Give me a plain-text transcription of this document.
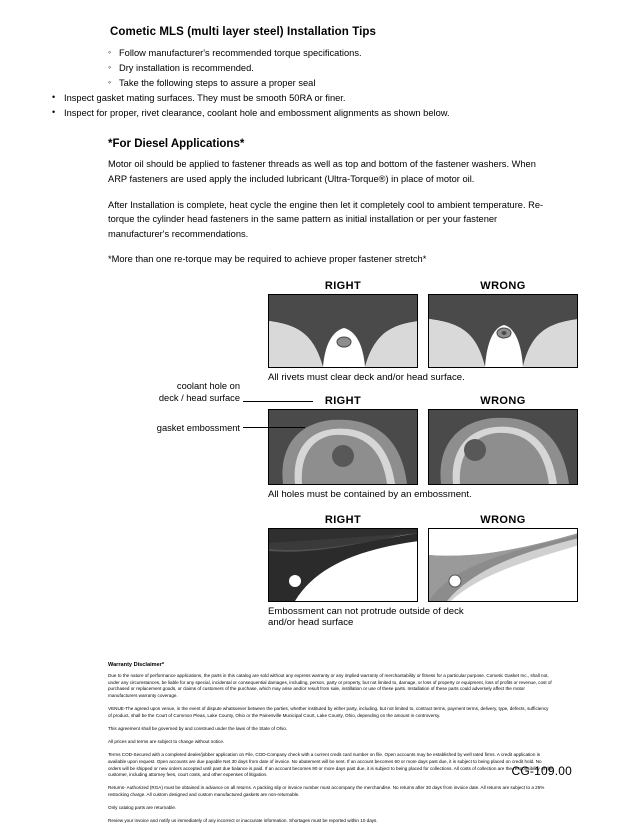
Cometic MLS (multi layer steel) Installation Tips
◦ Follow manufacturer's recommended torque specifications.
◦ Dry installation is recommended.
◦ Take the following steps to assure a proper seal
• Inspect gasket mating surfaces. They must be smooth 50RA or finer.
• Inspect for proper, rivet clearance, coolant hole and embossment alignments as shown below.
*For Diesel Applications*

Motor oil should be applied to fastener threads as well as top and bottom of the fastener washers. When ARP fasteners are used apply the included lubricant (Ultra-Torque®) in place of motor oil.

After Installation is complete, heat cycle the engine then let it completely cool to ambient temperature. Re-torque the cylinder head fasteners in the same pattern as initial installation or per your fastener manufacturer's recommendations.

*More than one re-torque may be required to achieve proper fastener stretch*

RIGHT	WRONG
All rivets must clear deck and/or head surface.
RIGHT	WRONG
All holes must be contained by an embossment.
coolant hole on
deck / head surface
gasket embossment
RIGHT	WRONG
Embossment can not protrude outside of deck
and/or head surface
Warranty Disclaimer*

Due to the nature of performance applications, the parts in this catalog are sold without any express warranty or any implied warranty of merchantability or fitness for a particular purpose. Cometic Gasket Inc., shall not, under any circumstances, be liable for any special, incidental or consequential damages, including, person, party or property, but not limited to, damage, or loss of property or equipment, loss of profits or revenue, cost of purchased or replacement goods, or claims of customers of the purchase, which may arise and/or result from sale, instillation or use of these parts. Installation of these parts could adversely affect the motor manufacturers warranty coverage.

VENUE-The agreed upon venue, in the event of dispute whatsoever between the parties, whether instituted by either party, including, but not limited to, contract terms, payment terms, delivery, type, defects, sufficiency of product, shall be the Court of Common Pleas, Lake County, Ohio or the Painesville Municipal Court, Lake County, Ohio, depending on the amount in controversy.

This agreement shall be governed by and construed under the laws of the State of Ohio.

All prices and terms are subject to change without notice.

Terms COD-Secured with a completed dealer/jobber application on File, COD-Company check with a current credit card number on file. Open accounts may be established by well rated firms. A credit application is available upon request. Open accounts are due payable Net 30 days from date of invoice. No abatement will be sent. If an account becomes 60 or more days past due, it is subject to being placed on credit hold. No orders will be shipped or new orders accepted until past due balance is paid. If an account becomes 90 or more days past due, it is subject to being placed for collections. All costs of collection are the responsibility of the customer, including attorney fees, court costs, and other expenses of litigation.

Returns- Authorized (RGA) must be obtained in advance on all returns. A packing slip or invoice number must accompany the merchandise. No returns after 30 days from invoice date. All returns are subject to a 25% restocking charge. All custom designed and custom manufactured gaskets are non-returnable.

Only catalog parts are returnable.

Review your invoice and notify us immediately of any incorrect or inaccurate information. Shortages must be reported within 10 days.

CG-109.00
